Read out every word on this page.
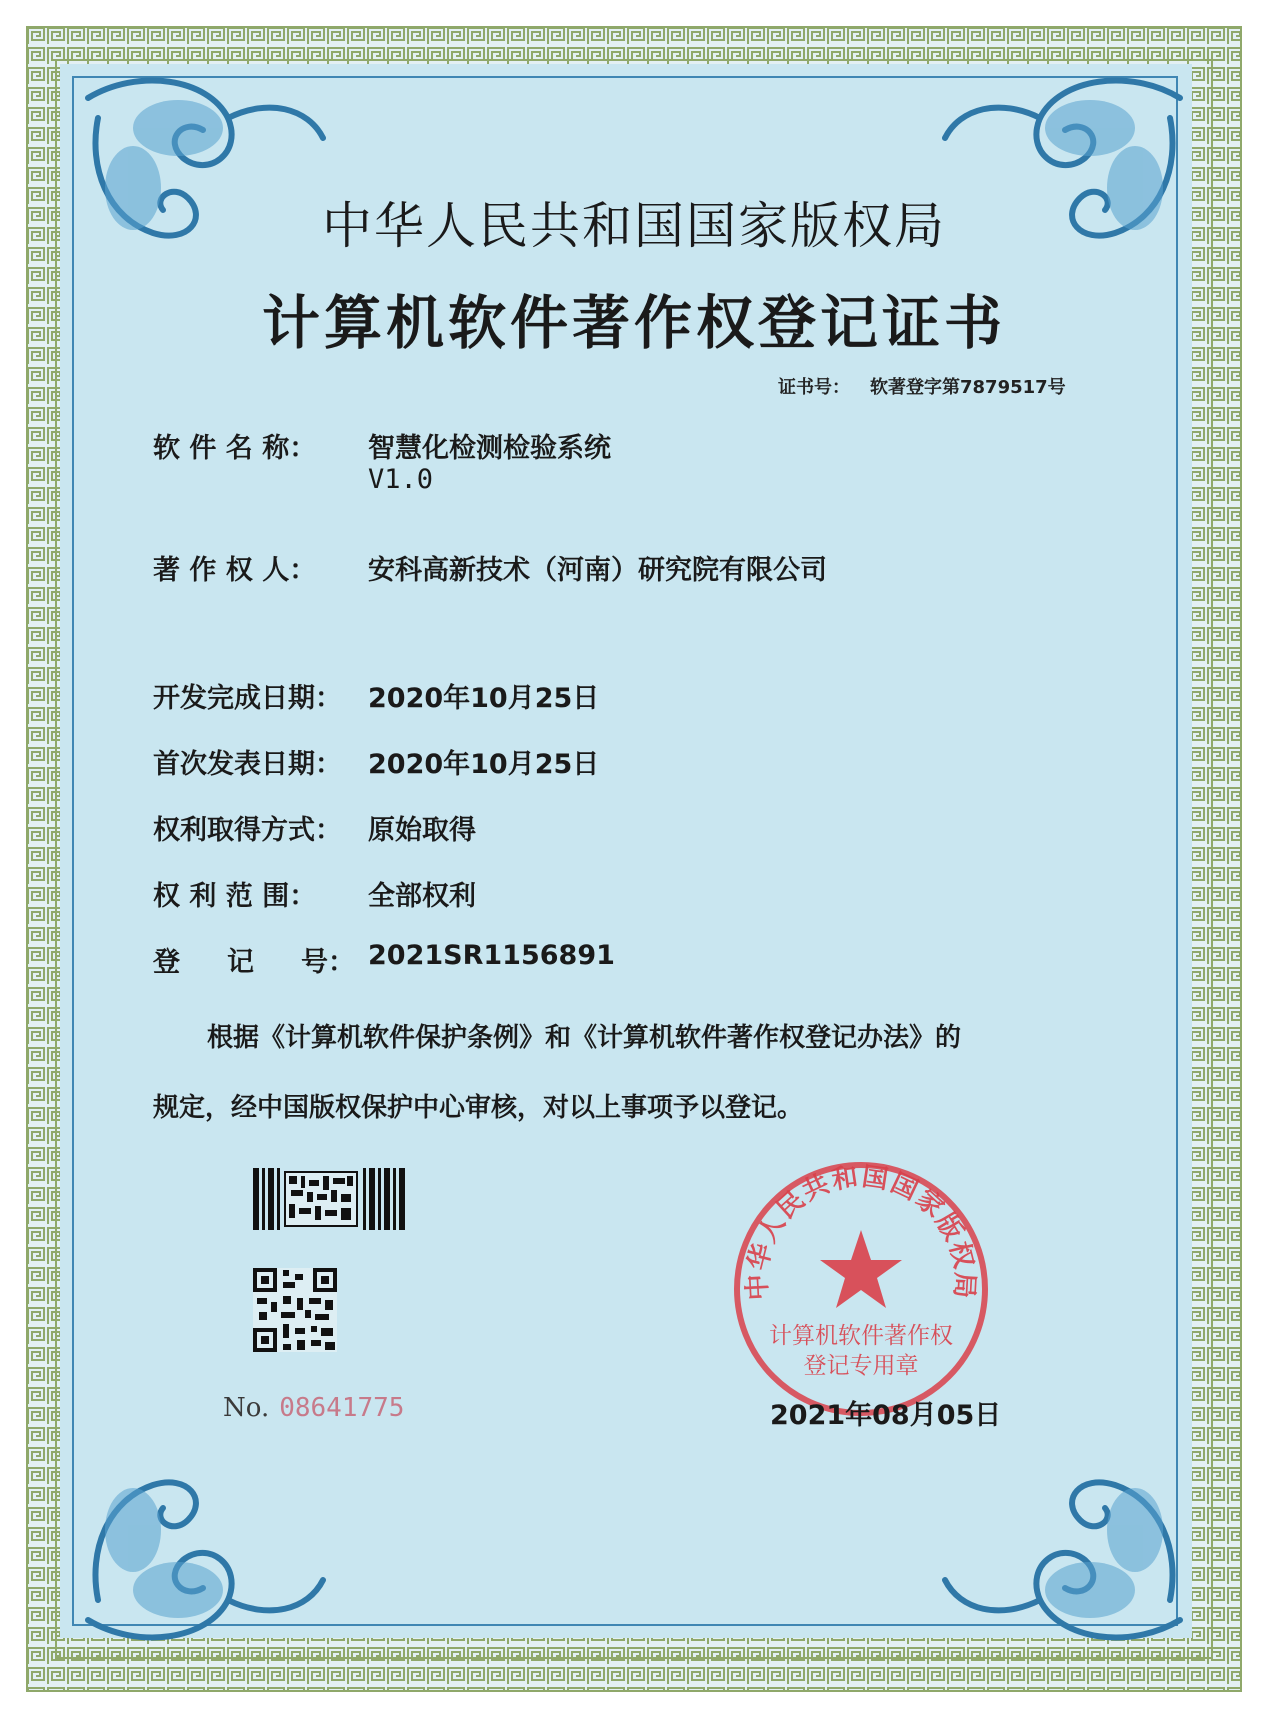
中华人民共和国国家版权局
计算机软件著作权登记证书
证书号： 软著登字第7879517号
软 件 名 称： 智慧化检测检验系统
V1.0
著 作 权 人： 安科高新技术（河南）研究院有限公司
开发完成日期： 2020年10月25日
首次发表日期： 2020年10月25日
权利取得方式： 原始取得
权 利 范 围： 全部权利
登     记     号： 2021SR1156891
根据《计算机软件保护条例》和《计算机软件著作权登记办法》的
规定，经中国版权保护中心审核，对以上事项予以登记。
No. 08641775
中华人民共和国国家版权局
计算机软件著作权
登记专用章
2021年08月05日
